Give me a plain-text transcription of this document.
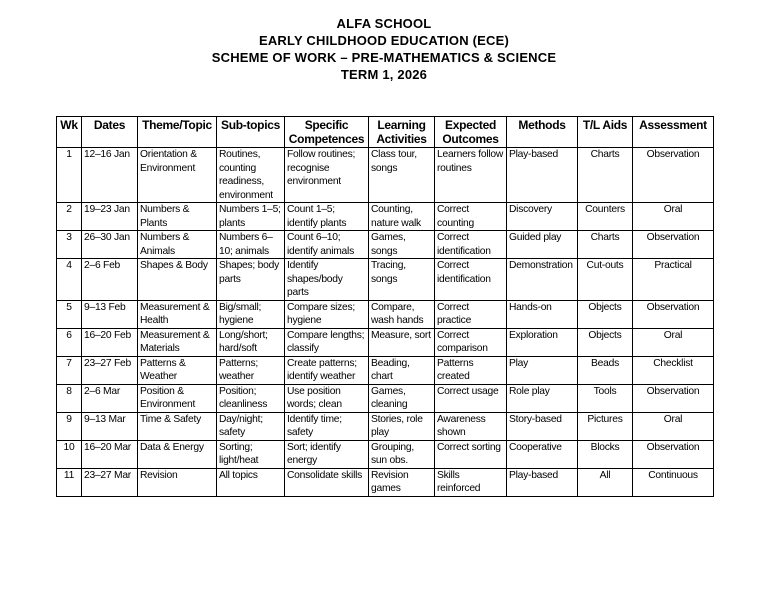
ALFA SCHOOL
EARLY CHILDHOOD EDUCATION (ECE)
SCHEME OF WORK – PRE-MATHEMATICS & SCIENCE
TERM 1, 2026
Wk	Dates	Theme/Topic	Sub-topics	Specific Competences	Learning Activities	Expected Outcomes	Methods	T/L Aids	Assessment
1	12–16 Jan	Orientation & Environment	Routines, counting readiness, environment	Follow routines; recognise environment	Class tour, songs	Learners follow routines	Play-based	Charts	Observation
2	19–23 Jan	Numbers & Plants	Numbers 1–5; plants	Count 1–5; identify plants	Counting, nature walk	Correct counting	Discovery	Counters	Oral
3	26–30 Jan	Numbers & Animals	Numbers 6–10; animals	Count 6–10; identify animals	Games, songs	Correct identification	Guided play	Charts	Observation
4	2–6 Feb	Shapes & Body	Shapes; body parts	Identify shapes/body parts	Tracing, songs	Correct identification	Demonstration	Cut-outs	Practical
5	9–13 Feb	Measurement & Health	Big/small; hygiene	Compare sizes; hygiene	Compare, wash hands	Correct practice	Hands-on	Objects	Observation
6	16–20 Feb	Measurement & Materials	Long/short; hard/soft	Compare lengths; classify	Measure, sort	Correct comparison	Exploration	Objects	Oral
7	23–27 Feb	Patterns & Weather	Patterns; weather	Create patterns; identify weather	Beading, chart	Patterns created	Play	Beads	Checklist
8	2–6 Mar	Position & Environment	Position; cleanliness	Use position words; clean	Games, cleaning	Correct usage	Role play	Tools	Observation
9	9–13 Mar	Time & Safety	Day/night; safety	Identify time; safety	Stories, role play	Awareness shown	Story-based	Pictures	Oral
10	16–20 Mar	Data & Energy	Sorting; light/heat	Sort; identify energy	Grouping, sun obs.	Correct sorting	Cooperative	Blocks	Observation
11	23–27 Mar	Revision	All topics	Consolidate skills	Revision games	Skills reinforced	Play-based	All	Continuous
